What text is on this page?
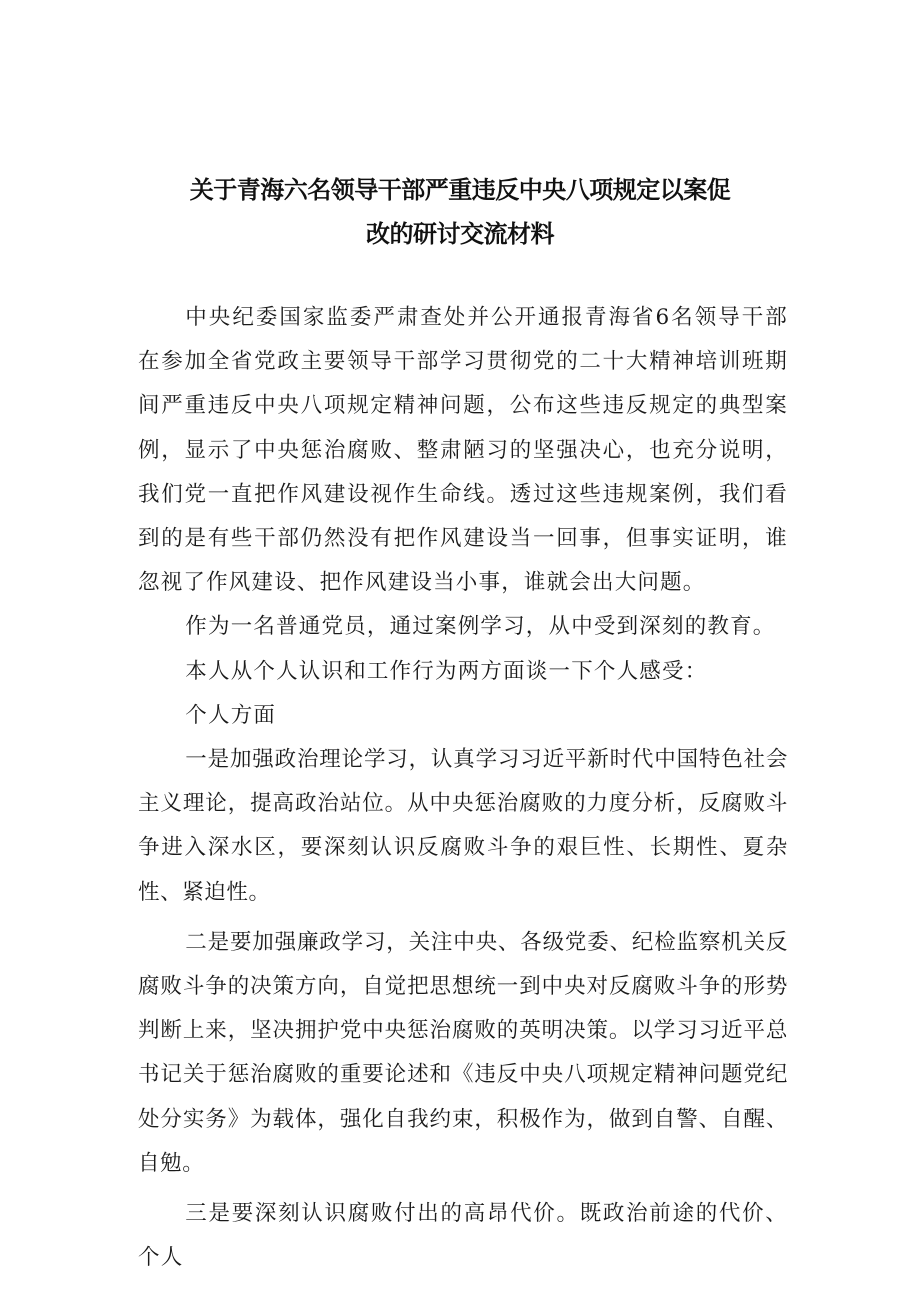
关于青海六名领导干部严重违反中央八项规定以案促
改的研讨交流材料

中央纪委国家监委严肃查处并公开通报青海省6名领导干部在参加全省党政主要领导干部学习贯彻党的二十大精神培训班期间严重违反中央八项规定精神问题，公布这些违反规定的典型案例，显示了中央惩治腐败、整肃陋习的坚强决心，也充分说明，我们党一直把作风建设视作生命线。透过这些违规案例，我们看到的是有些干部仍然没有把作风建设当一回事，但事实证明，谁忽视了作风建设、把作风建设当小事，谁就会出大问题。

作为一名普通党员，通过案例学习，从中受到深刻的教育。

本人从个人认识和工作行为两方面谈一下个人感受：

个人方面

一是加强政治理论学习，认真学习习近平新时代中国特色社会主义理论，提高政治站位。从中央惩治腐败的力度分析，反腐败斗争进入深水区，要深刻认识反腐败斗争的艰巨性、长期性、夏杂性、紧迫性。

二是要加强廉政学习，关注中央、各级党委、纪检监察机关反腐败斗争的决策方向，自觉把思想统一到中央对反腐败斗争的形势判断上来，坚决拥护党中央惩治腐败的英明决策。以学习习近平总书记关于惩治腐败的重要论述和《违反中央八项规定精神问题党纪处分实务》为载体，强化自我约束，积极作为，做到自警、自醒、自勉。

三是要深刻认识腐败付出的高昂代价。既政治前途的代价、个人
